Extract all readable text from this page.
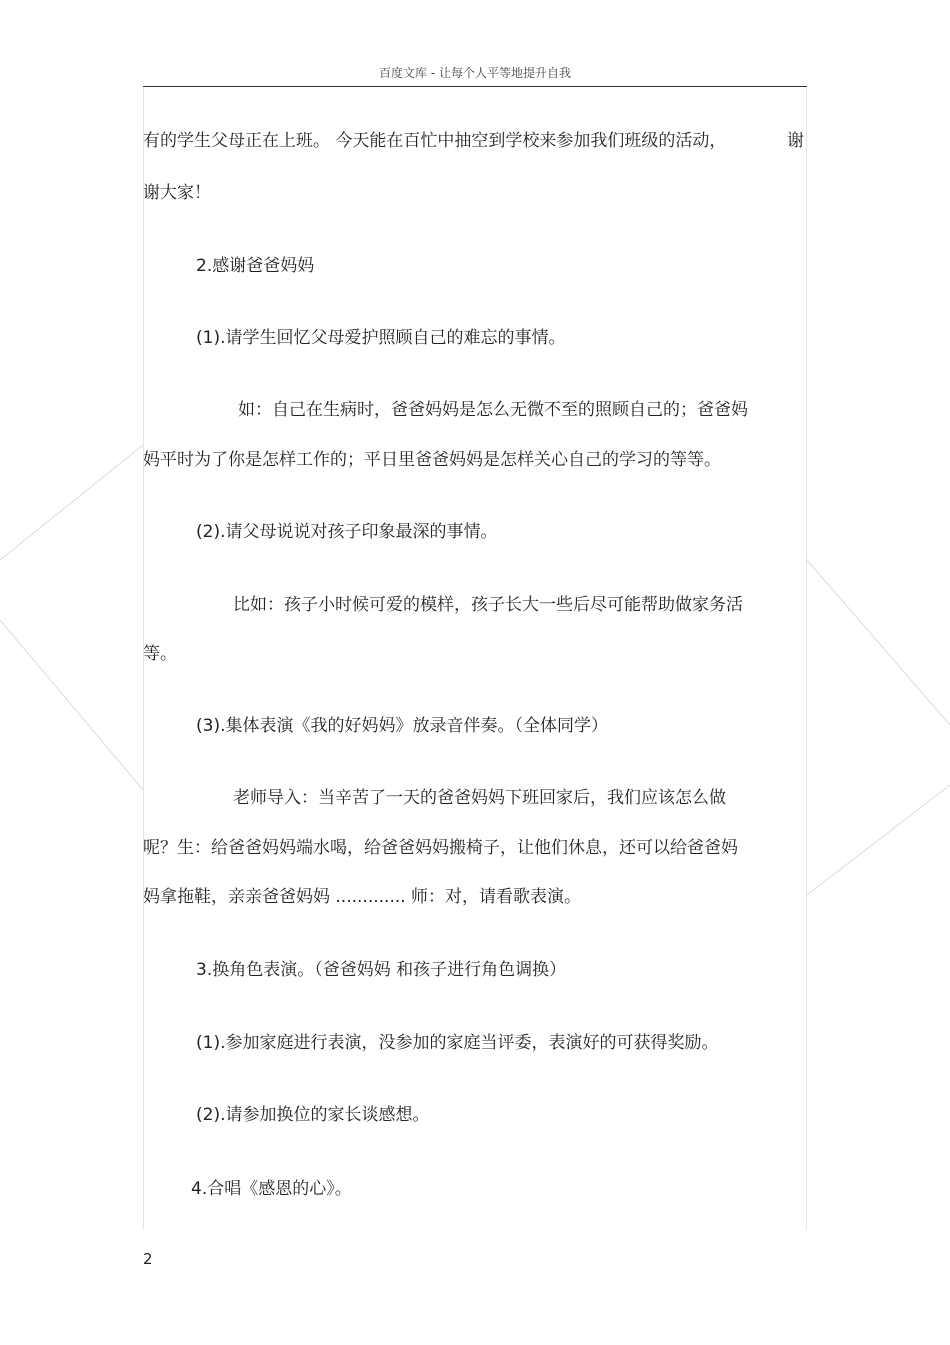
百度文库 - 让每个人平等地提升自我
有的学生父母正在上班。 今天能在百忙中抽空到学校来参加我们班级的活动，	谢
谢大家！
2.感谢爸爸妈妈
(1).请学生回忆父母爱护照顾自己的难忘的事情。
如：自己在生病时，爸爸妈妈是怎么无微不至的照顾自己的；爸爸妈
妈平时为了你是怎样工作的；平日里爸爸妈妈是怎样关心自己的学习的等等。
(2).请父母说说对孩子印象最深的事情。
比如：孩子小时候可爱的模样，孩子长大一些后尽可能帮助做家务活
等。
(3).集体表演《我的好妈妈》放录音伴奏。（全体同学）
老师导入：当辛苦了一天的爸爸妈妈下班回家后，我们应该怎么做
呢？生：给爸爸妈妈端水喝，给爸爸妈妈搬椅子，让他们休息，还可以给爸爸妈
妈拿拖鞋，亲亲爸爸妈妈 ............. 师：对，请看歌表演。
3.换角色表演。（爸爸妈妈 和孩子进行角色调换）
(1).参加家庭进行表演，没参加的家庭当评委，表演好的可获得奖励。
(2).请参加换位的家长谈感想。
4.合唱《感恩的心》。
2
